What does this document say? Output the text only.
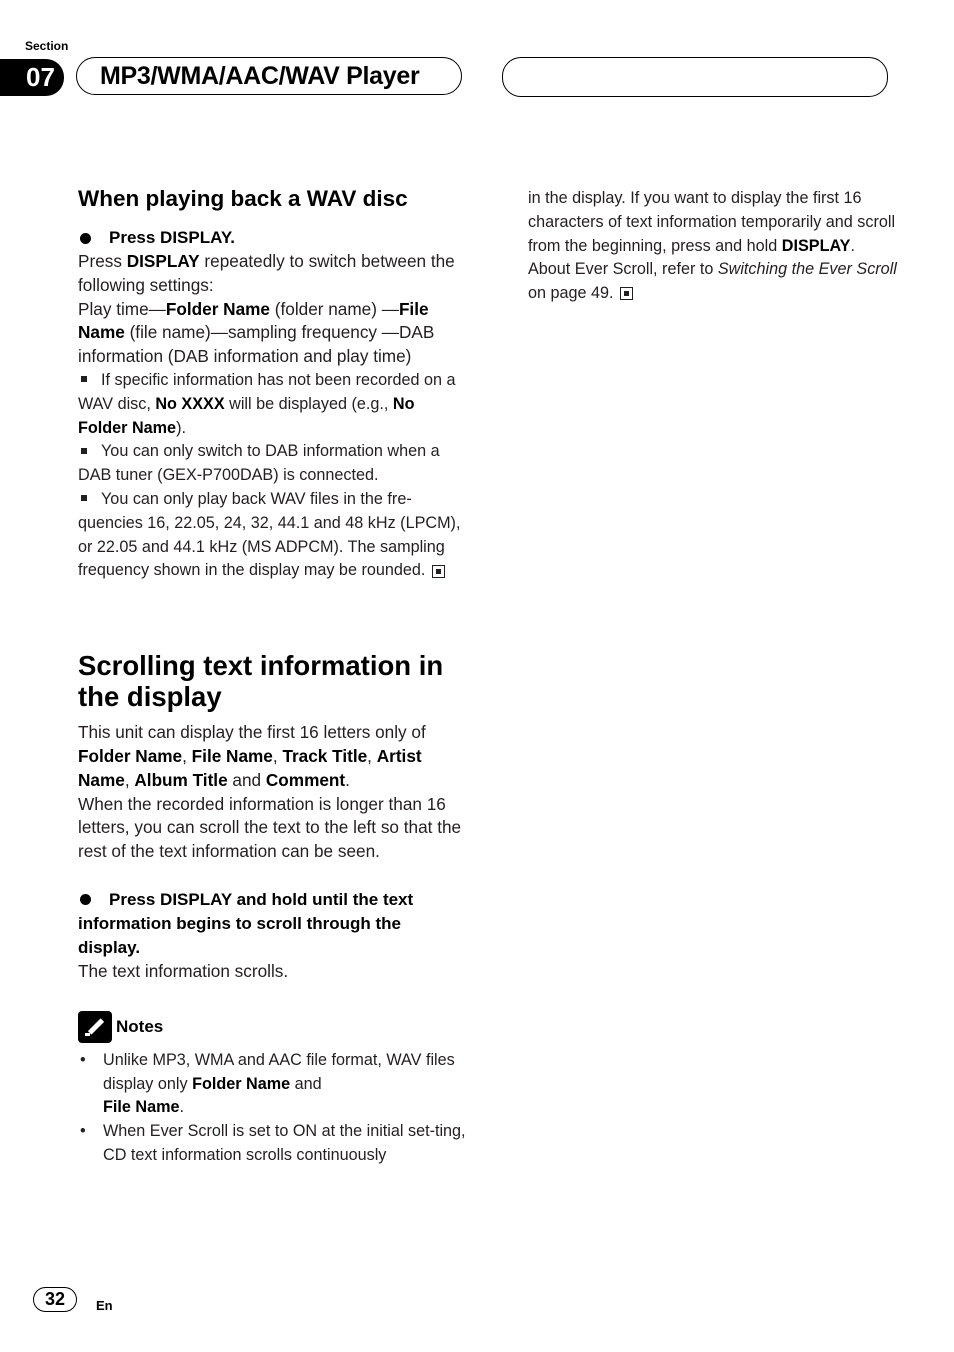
Section
07 MP3/WMA/AAC/WAV Player
When playing back a WAV disc
Press DISPLAY.

Press DISPLAY repeatedly to switch between the following settings:
Play time—Folder Name (folder name) —File Name (file name)—sampling frequency —DAB information (DAB information and play time)

If specific information has not been recorded on a WAV disc, No XXXX will be displayed (e.g., No Folder Name).

You can only switch to DAB information when a DAB tuner (GEX-P700DAB) is connected.

You can only play back WAV files in the fre-quencies 16, 22.05, 24, 32, 44.1 and 48 kHz (LPCM), or 22.05 and 44.1 kHz (MS ADPCM). The sampling frequency shown in the display may be rounded.

Scrolling text information in the display

This unit can display the first 16 letters only of Folder Name, File Name, Track Title, Artist Name, Album Title and Comment.
When the recorded information is longer than 16 letters, you can scroll the text to the left so that the rest of the text information can be seen.

Press DISPLAY and hold until the text information begins to scroll through the display.

The text information scrolls.

Notes
• Unlike MP3, WMA and AAC file format, WAV files display only Folder Name and
File Name.
• When Ever Scroll is set to ON at the initial set-ting, CD text information scrolls continuously

in the display. If you want to display the first 16 characters of text information temporarily and scroll from the beginning, press and hold DISPLAY. About Ever Scroll, refer to Switching the Ever Scroll on page 49.

32	En
